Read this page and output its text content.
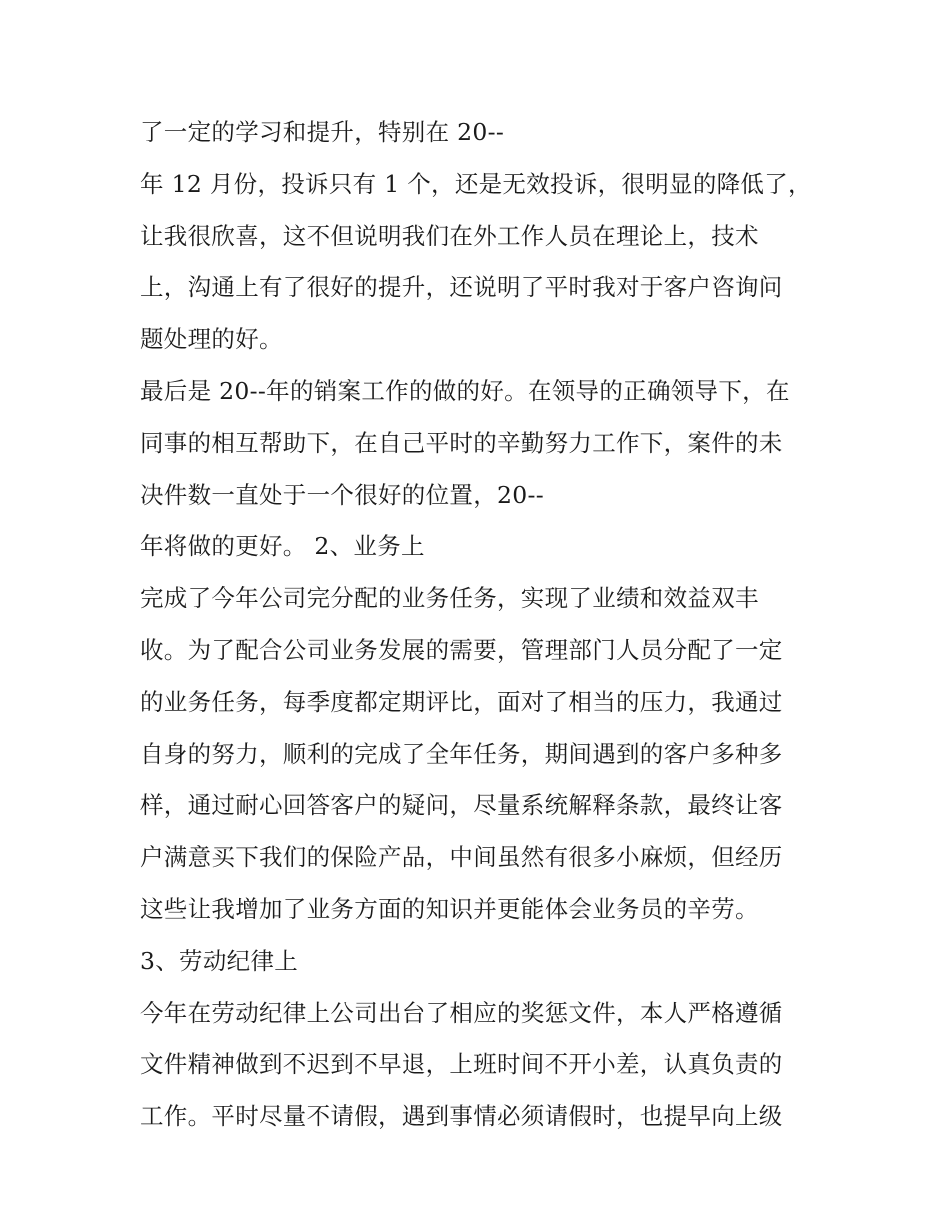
了一定的学习和提升，特别在 20--
年 12 月份，投诉只有 1 个，还是无效投诉，很明显的降低了，
让我很欣喜，这不但说明我们在外工作人员在理论上，技术
上，沟通上有了很好的提升，还说明了平时我对于客户咨询问
题处理的好。
最后是 20--年的销案工作的做的好。在领导的正确领导下，在
同事的相互帮助下，在自己平时的辛勤努力工作下，案件的未
决件数一直处于一个很好的位置，20--
年将做的更好。 2、业务上
完成了今年公司完分配的业务任务，实现了业绩和效益双丰
收。为了配合公司业务发展的需要，管理部门人员分配了一定
的业务任务，每季度都定期评比，面对了相当的压力，我通过
自身的努力，顺利的完成了全年任务，期间遇到的客户多种多
样，通过耐心回答客户的疑问，尽量系统解释条款，最终让客
户满意买下我们的保险产品，中间虽然有很多小麻烦，但经历
这些让我增加了业务方面的知识并更能体会业务员的辛劳。
3、劳动纪律上
今年在劳动纪律上公司出台了相应的奖惩文件，本人严格遵循
文件精神做到不迟到不早退，上班时间不开小差，认真负责的
工作。平时尽量不请假，遇到事情必须请假时，也提早向上级
